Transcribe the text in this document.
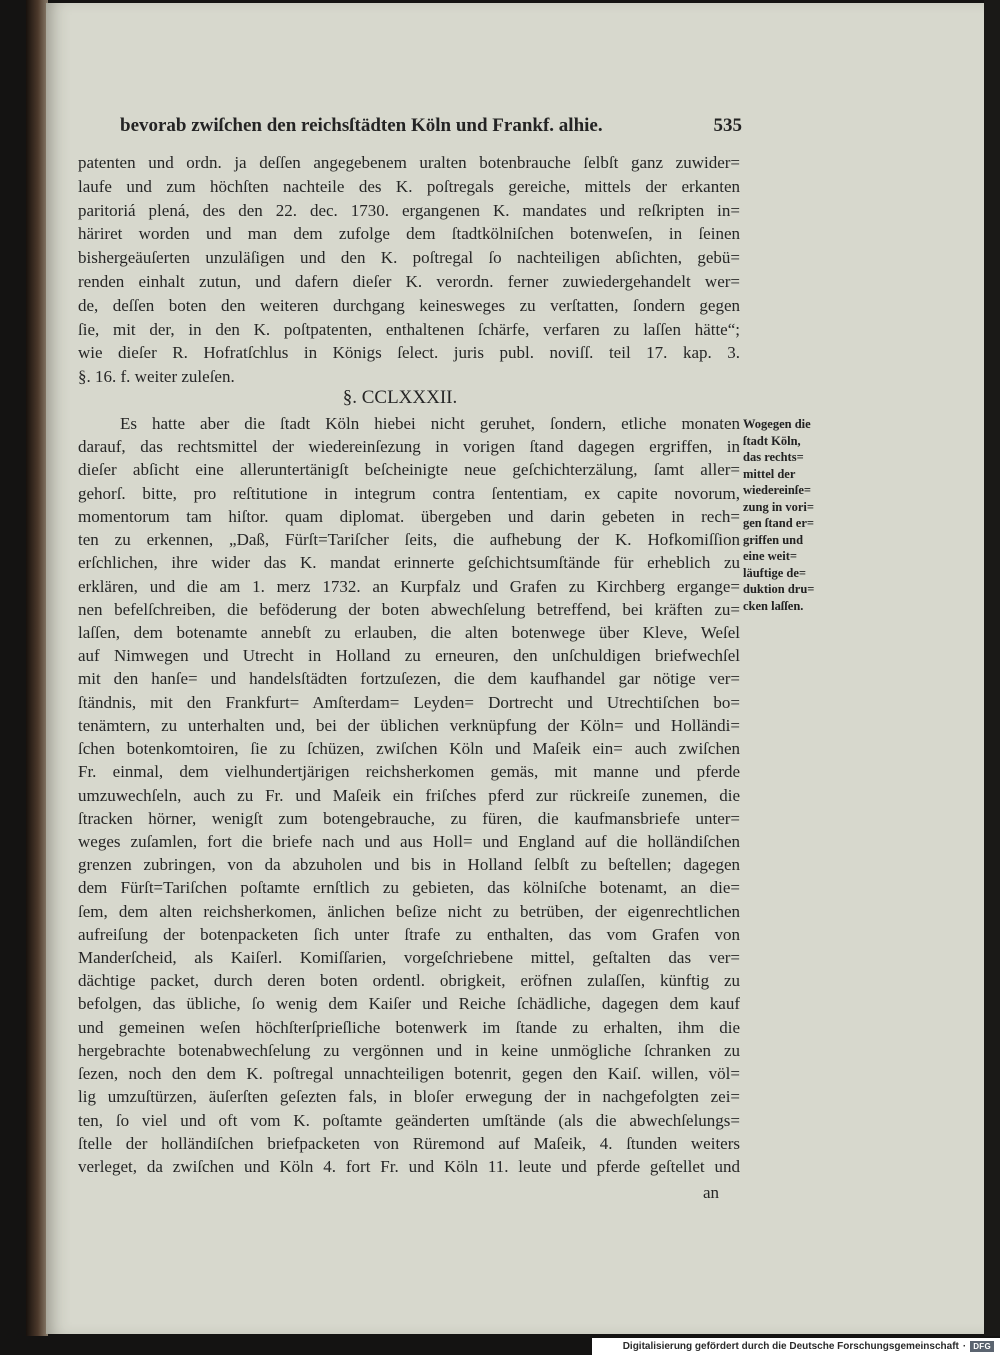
bevorab zwiſchen den reichsſtädten Köln und Frankf. alhie.	535
patenten und ordn. ja deſſen angegebenem uralten botenbrauche ſelbſt ganz zuwider=
laufe und zum höchſten nachteile des K. poſtregals gereiche, mittels der erkanten
paritoriá plená, des den 22. dec. 1730. ergangenen K. mandates und reſkripten in=
häriret worden und man dem zufolge dem ſtadtkölniſchen botenweſen, in ſeinen
bishergeäuſerten unzuläſigen und den K. poſtregal ſo nachteiligen abſichten, gebü=
renden einhalt zutun, und dafern dieſer K. verordn. ferner zuwiedergehandelt wer=
de, deſſen boten den weiteren durchgang keinesweges zu verſtatten, ſondern gegen
ſie, mit der, in den K. poſtpatenten, enthaltenen ſchärfe, verfaren zu laſſen hätte“;
wie dieſer R. Hofratſchlus in Königs ſelect. juris publ. noviſſ. teil 17. kap. 3.
§. 16. f. weiter zuleſen.
§. CCLXXXII.
Es hatte aber die ſtadt Köln hiebei nicht geruhet, ſondern, etliche monaten
darauf, das rechtsmittel der wiedereinſezung in vorigen ſtand dagegen ergriffen, in
dieſer abſicht eine alleruntertänigſt beſcheinigte neue geſchichterzälung, ſamt aller=
gehorſ. bitte, pro reſtitutione in integrum contra ſententiam, ex capite novorum,
momentorum tam hiſtor. quam diplomat. übergeben und darin gebeten in rech=
ten zu erkennen, „Daß, Fürſt=Tariſcher ſeits, die aufhebung der K. Hofkomiſſion
erſchlichen, ihre wider das K. mandat erinnerte geſchichtsumſtände für erheblich zu
erklären, und die am 1. merz 1732. an Kurpfalz und Grafen zu Kirchberg ergange=
nen befelſchreiben, die beföderung der boten abwechſelung betreffend, bei kräften zu=
laſſen, dem botenamte annebſt zu erlauben, die alten botenwege über Kleve, Weſel
auf Nimwegen und Utrecht in Holland zu erneuren, den unſchuldigen briefwechſel
mit den hanſe= und handelsſtädten fortzuſezen, die dem kaufhandel gar nötige ver=
ſtändnis, mit den Frankfurt= Amſterdam= Leyden= Dortrecht und Utrechtiſchen bo=
tenämtern, zu unterhalten und, bei der üblichen verknüpfung der Köln= und Holländi=
ſchen botenkomtoiren, ſie zu ſchüzen, zwiſchen Köln und Maſeik ein= auch zwiſchen
Fr. einmal, dem vielhundertjärigen reichsherkomen gemäs, mit manne und pferde
umzuwechſeln, auch zu Fr. und Maſeik ein friſches pferd zur rückreiſe zunemen, die
ſtracken hörner, wenigſt zum botengebrauche, zu füren, die kaufmansbriefe unter=
weges zuſamlen, fort die briefe nach und aus Holl= und England auf die holländiſchen
grenzen zubringen, von da abzuholen und bis in Holland ſelbſt zu beſtellen; dagegen
dem Fürſt=Tariſchen poſtamte ernſtlich zu gebieten, das kölniſche botenamt, an die=
ſem, dem alten reichsherkomen, änlichen beſize nicht zu betrüben, der eigenrechtlichen
aufreiſung der botenpacketen ſich unter ſtrafe zu enthalten, das vom Grafen von
Manderſcheid, als Kaiſerl. Komiſſarien, vorgeſchriebene mittel, geſtalten das ver=
dächtige packet, durch deren boten ordentl. obrigkeit, eröfnen zulaſſen, künftig zu
befolgen, das übliche, ſo wenig dem Kaiſer und Reiche ſchädliche, dagegen dem kauf
und gemeinen weſen höchſterſprieſliche botenwerk im ſtande zu erhalten, ihm die
hergebrachte botenabwechſelung zu vergönnen und in keine unmögliche ſchranken zu
ſezen, noch den dem K. poſtregal unnachteiligen botenrit, gegen den Kaiſ. willen, völ=
lig umzuſtürzen, äuſerſten geſezten fals, in bloſer erwegung der in nachgefolgten zei=
ten, ſo viel und oft vom K. poſtamte geänderten umſtände (als die abwechſelungs=
ſtelle der holländiſchen briefpacketen von Rüremond auf Maſeik, 4. ſtunden weiters
verleget, da zwiſchen und Köln 4. fort Fr. und Köln 11. leute und pferde geſtellet und
Wogegen die
ſtadt Köln,
das rechts=
mittel der
wiedereinſe=
zung in vori=
gen ſtand er=
griffen und
eine weit=
läuftige de=
duktion dru=
cken laſſen.
an
Digitalisierung gefördert durch die Deutsche Forschungsgemeinschaft · DFG
